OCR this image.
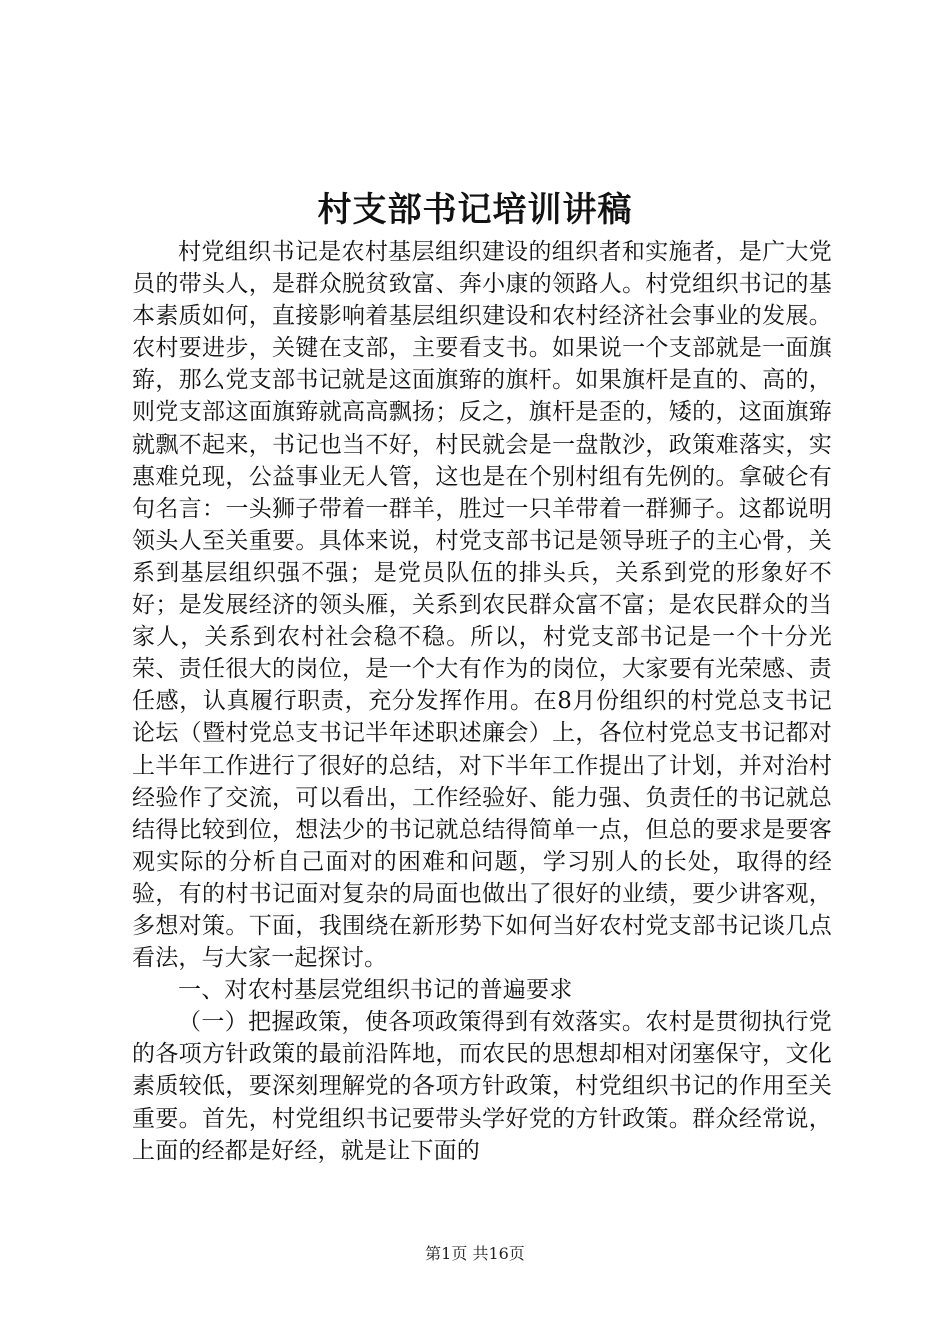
村支部书记培训讲稿

村党组织书记是农村基层组织建设的组织者和实施者，是广大党员的带头人，是群众脱贫致富、奔小康的领路人。村党组织书记的基本素质如何，直接影响着基层组织建设和农村经济社会事业的发展。农村要进步，关键在支部，主要看支书。如果说一个支部就是一面旗臶，那么党支部书记就是这面旗臶的旗杆。如果旗杆是直的、高的，则党支部这面旗臶就高高飘扬；反之，旗杆是歪的，矮的，这面旗臶就飘不起来，书记也当不好，村民就会是一盘散沙，政策难落实，实惠难兑现，公益事业无人管，这也是在个别村组有先例的。拿破仑有句名言：一头狮子带着一群羊，胜过一只羊带着一群狮子。这都说明领头人至关重要。具体来说，村党支部书记是领导班子的主心骨，关系到基层组织强不强；是党员队伍的排头兵，关系到党的形象好不好；是发展经济的领头雁，关系到农民群众富不富；是农民群众的当家人，关系到农村社会稳不稳。所以，村党支部书记是一个十分光荣、责任很大的岗位，是一个大有作为的岗位，大家要有光荣感、责任感，认真履行职责，充分发挥作用。在8月份组织的村党总支书记论坛（暨村党总支书记半年述职述廉会）上，各位村党总支书记都对上半年工作进行了很好的总结，对下半年工作提出了计划，并对治村经验作了交流，可以看出，工作经验好、能力强、负责任的书记就总结得比较到位，想法少的书记就总结得简单一点，但总的要求是要客观实际的分析自己面对的困难和问题，学习别人的长处，取得的经验，有的村书记面对复杂的局面也做出了很好的业绩，要少讲客观，多想对策。下面，我围绕在新形势下如何当好农村党支部书记谈几点看法，与大家一起探讨。

一、对农村基层党组织书记的普遍要求

（一）把握政策，使各项政策得到有效落实。农村是贯彻执行党的各项方针政策的最前沿阵地，而农民的思想却相对闭塞保守，文化素质较低，要深刻理解党的各项方针政策，村党组织书记的作用至关重要。首先，村党组织书记要带头学好党的方针政策。群众经常说，上面的经都是好经，就是让下面的

第1页 共16页
